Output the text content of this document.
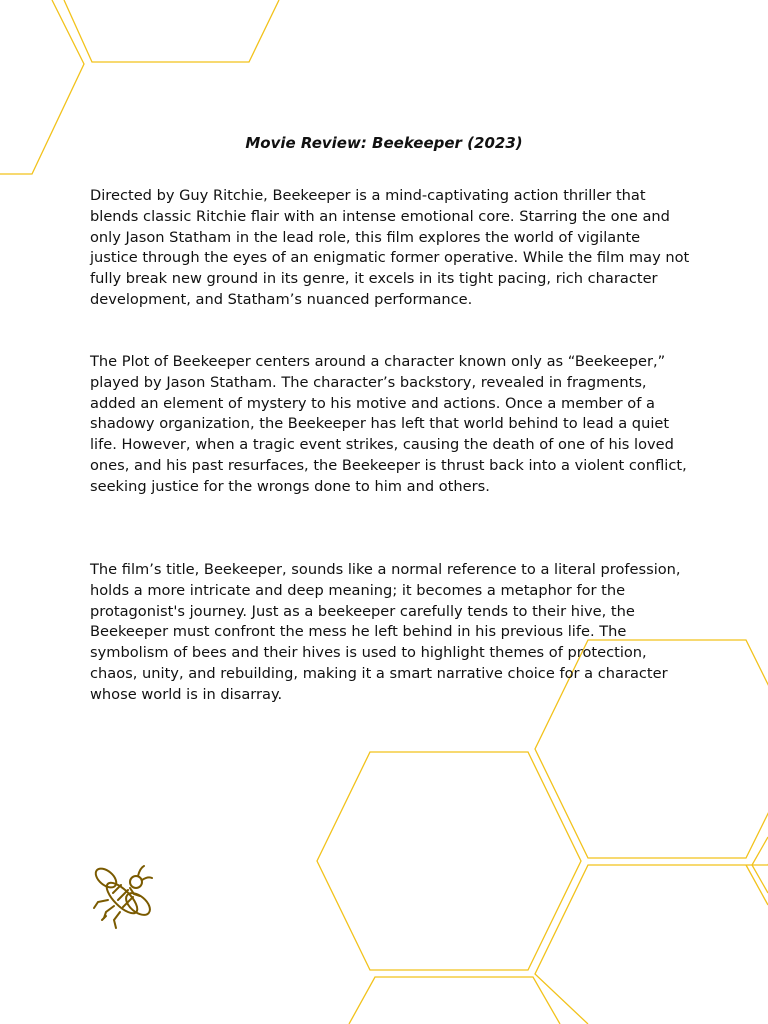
Movie Review: Beekeeper (2023)

Directed by Guy Ritchie, Beekeeper is a mind-captivating action thriller that blends classic Ritchie flair with an intense emotional core. Starring the one and only Jason Statham in the lead role, this film explores the world of vigilante justice through the eyes of an enigmatic former operative. While the film may not fully break new ground in its genre, it excels in its tight pacing, rich character development, and Statham’s nuanced performance.

The Plot of Beekeeper centers around a character known only as “Beekeeper,” played by Jason Statham. The character’s backstory, revealed in fragments, added an element of mystery to his motive and actions. Once a member of a shadowy organization, the Beekeeper has left that world behind to lead a quiet life. However, when a tragic event strikes, causing the death of one of his loved ones, and his past resurfaces, the Beekeeper is thrust back into a violent conflict, seeking justice for the wrongs done to him and others.

The film’s title, Beekeeper, sounds like a normal reference to a literal profession, holds a more intricate and deep meaning; it becomes a metaphor for the protagonist's journey. Just as a beekeeper carefully tends to their hive, the Beekeeper must confront the mess he left behind in his previous life. The symbolism of bees and their hives is used to highlight themes of protection, chaos, unity, and rebuilding, making it a smart narrative choice for a character whose world is in disarray.
